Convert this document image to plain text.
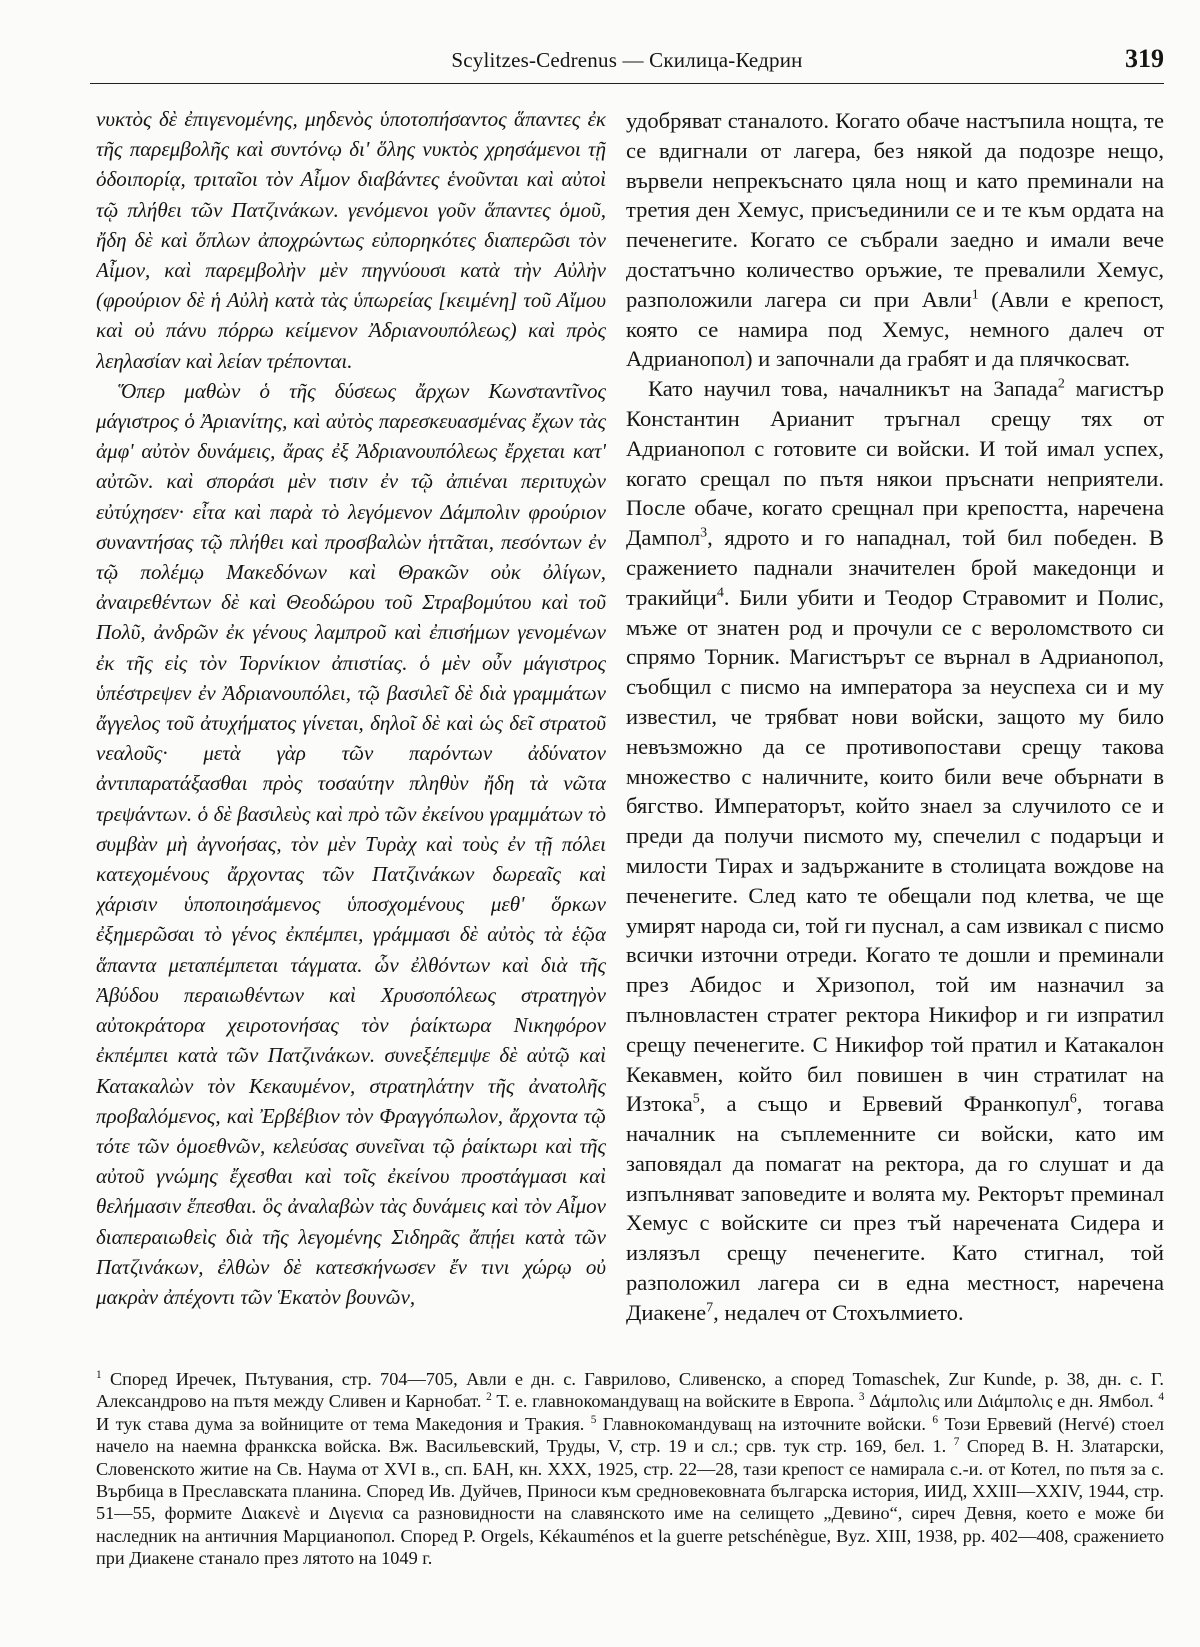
Scylitzes-Cedrenus — Скилица-Кедрин	319

νυκτὸς δὲ ἐπιγενομένης, μηδενὸς ὑποτοπήσαντος ἅπαντες ἐκ τῆς παρεμβολῆς καὶ συντόνῳ δι' ὅλης νυκτὸς χρησάμενοι τῇ ὁδοιπορίᾳ, τριταῖοι τὸν Αἶμον διαβάντες ἑνοῦνται καὶ αὐτοὶ τῷ πλήθει τῶν Πατζινάκων. γενόμενοι γοῦν ἅπαντες ὁμοῦ, ἤδη δὲ καὶ ὅπλων ἀποχρώντως εὐπορηκότες διαπερῶσι τὸν Αἶμον, καὶ παρεμβολὴν μὲν πηγνύουσι κατὰ τὴν Αὐλὴν (φρούριον δὲ ἡ Αὐλὴ κατὰ τὰς ὑπωρείας [κειμένη] τοῦ Αἴμου καὶ οὐ πάνυ πόρρω κείμενον Ἀδριανουπόλεως) καὶ πρὸς λεηλασίαν καὶ λείαν τρέπονται.

Ὅπερ μαθὼν ὁ τῆς δύσεως ἄρχων Κωνσταντῖνος μάγιστρος ὁ Ἀριανίτης, καὶ αὐτὸς παρεσκευασμένας ἔχων τὰς ἀμφ' αὐτὸν δυνάμεις, ἄρας ἐξ Ἀδριανουπόλεως ἔρχεται κατ' αὐτῶν. καὶ σποράσι μὲν τισιν ἐν τῷ ἀπιέναι περιτυχὼν εὐτύχησεν· εἶτα καὶ παρὰ τὸ λεγόμενον Δάμπολιν φρούριον συναντήσας τῷ πλήθει καὶ προσβαλὼν ἡττᾶται, πεσόντων ἐν τῷ πολέμῳ Μακεδόνων καὶ Θρακῶν οὐκ ὀλίγων, ἀναιρεθέντων δὲ καὶ Θεοδώρου τοῦ Στραβομύτου καὶ τοῦ Πολῦ, ἀνδρῶν ἐκ γένους λαμπροῦ καὶ ἐπισήμων γενομένων ἐκ τῆς εἰς τὸν Τορνίκιον ἀπιστίας. ὁ μὲν οὖν μάγιστρος ὑπέστρεψεν ἐν Ἀδριανουπόλει, τῷ βασιλεῖ δὲ διὰ γραμμάτων ἄγγελος τοῦ ἀτυχήματος γίνεται, δηλοῖ δὲ καὶ ὡς δεῖ στρατοῦ νεαλοῦς· μετὰ γὰρ τῶν παρόντων ἀδύνατον ἀντιπαρατάξασθαι πρὸς τοσαύτην πληθὺν ἤδη τὰ νῶτα τρεψάντων. ὁ δὲ βασιλεὺς καὶ πρὸ τῶν ἐκείνου γραμμάτων τὸ συμβὰν μὴ ἀγνοήσας, τὸν μὲν Τυρὰχ καὶ τοὺς ἐν τῇ πόλει κατεχομένους ἄρχοντας τῶν Πατζινάκων δωρεαῖς καὶ χάρισιν ὑποποιησάμενος ὑποσχομένους μεθ' ὅρκων ἐξημερῶσαι τὸ γένος ἐκπέμπει, γράμμασι δὲ αὐτὸς τὰ ἑῷα ἅπαντα μεταπέμπεται τάγματα. ὧν ἐλθόντων καὶ διὰ τῆς Ἀβύδου περαιωθέντων καὶ Χρυσοπόλεως στρατηγὸν αὐτοκράτορα χειροτονήσας τὸν ῥαίκτωρα Νικηφόρον ἐκπέμπει κατὰ τῶν Πατζινάκων. συνεξέπεμψε δὲ αὐτῷ καὶ Κατακαλὼν τὸν Κεκαυμένον, στρατηλάτην τῆς ἀνατολῆς προβαλόμενος, καὶ Ἐρβέβιον τὸν Φραγγόπωλον, ἄρχοντα τῷ τότε τῶν ὁμοεθνῶν, κελεύσας συνεῖναι τῷ ῥαίκτωρι καὶ τῆς αὐτοῦ γνώμης ἔχεσθαι καὶ τοῖς ἐκείνου προστάγμασι καὶ θελήμασιν ἕπεσθαι. ὃς ἀναλαβὼν τὰς δυνάμεις καὶ τὸν Αἶμον διαπεραιωθεὶς διὰ τῆς λεγομένης Σιδηρᾶς ἄπῄει κατὰ τῶν Πατζινάκων, ἐλθὼν δὲ κατεσκήνωσεν ἔν τινι χώρῳ οὐ μακρὰν ἀπέχοντι τῶν Ἑκατὸν βουνῶν,

удобряват станалото. Когато обаче настъпила нощта, те се вдигнали от лагера, без някой да подозре нещо, вървели непрекъснато цяла нощ и като преминали на третия ден Хемус, присъединили се и те към ордата на печенегите. Когато се събрали заедно и имали вече достатъчно количество оръжие, те превалили Хемус, разположили лагера си при Авли$^1$ (Авли е крепост, която се намира под Хемус, немного далеч от Адрианопол) и започнали да грабят и да плячкосват.

Като научил това, началникът на Запада$^2$ магистър Константин Арианит тръгнал срещу тях от Адрианопол с готовите си войски. И той имал успех, когато срещал по пътя някои пръснати неприятели. После обаче, когато срещнал при крепостта, наречена Дампол$^3$, ядрото и го нападнал, той бил победен. В сражението паднали значителен брой македонци и тракийци$^4$. Били убити и Теодор Стравомит и Полис, мъже от знатен род и прочули се с вероломството си спрямо Торник. Магистърът се върнал в Адрианопол, съобщил с писмо на императора за неуспеха си и му известил, че трябват нови войски, защото му било невъзможно да се противопостави срещу такова множество с наличните, които били вече обърнати в бягство. Императорът, който знаел за случилото се и преди да получи писмото му, спечелил с подаръци и милости Тирах и задържаните в столицата вождове на печенегите. След като те обещали под клетва, че ще умирят народа си, той ги пуснал, а сам извикал с писмо всички източни отреди. Когато те дошли и преминали през Абидос и Хризопол, той им назначил за пълновластен стратег ректора Никифор и ги изпратил срещу печенегите. С Никифор той пратил и Катакалон Кекавмен, който бил повишен в чин стратилат на Изтока$^5$, а също и Ервевий Франкопул$^6$, тогава началник на съплеменните си войски, като им заповядал да помагат на ректора, да го слушат и да изпълняват заповедите и волята му. Ректорът преминал Хемус с войските си през тъй наречената Сидера и излязъл срещу печенегите. Като стигнал, той разположил лагера си в една местност, наречена Диакене$^7$, недалеч от Стохълмието.

$^1$ Според Иречек, Пътувания, стр. 704—705, Авли е дн. с. Гаврилово, Сливенско, а според Tomaschek, Zur Kunde, p. 38, дн. с. Г. Александрово на пътя между Сливен и Карнобат. $^2$ Т. е. главнокомандуващ на войските в Европа. $^3$ Δάμπολις или Διάμπολις е дн. Ямбол. $^4$ И тук става дума за войниците от тема Македония и Тракия. $^5$ Главнокомандуващ на източните войски. $^6$ Този Ервевий (Hervé) стоел начело на наемна франкска войска. Вж. Васильевский, Труды, V, стр. 19 и сл.; срв. тук стр. 169, бел. 1. $^7$ Според В. Н. Златарски, Словенското житие на Св. Наума от XVI в., сп. БАН, кн. XXX, 1925, стр. 22—28, тази крепост се намирала с.-и. от Котел, по пътя за с. Върбица в Преславската планина. Според Ив. Дуйчев, Приноси към средновековната българска история, ИИД, XXIII—XXIV, 1944, стр. 51—55, формите Διακενὲ и Διγενια са разновидности на славянското име на селището „Девино“, сиреч Девня, което е може би наследник на античния Марцианопол. Според P. Orgels, Kékauménos et la guerre petschénègue, Byz. XIII, 1938, pp. 402—408, сражението при Диакене станало през лятото на 1049 г.
